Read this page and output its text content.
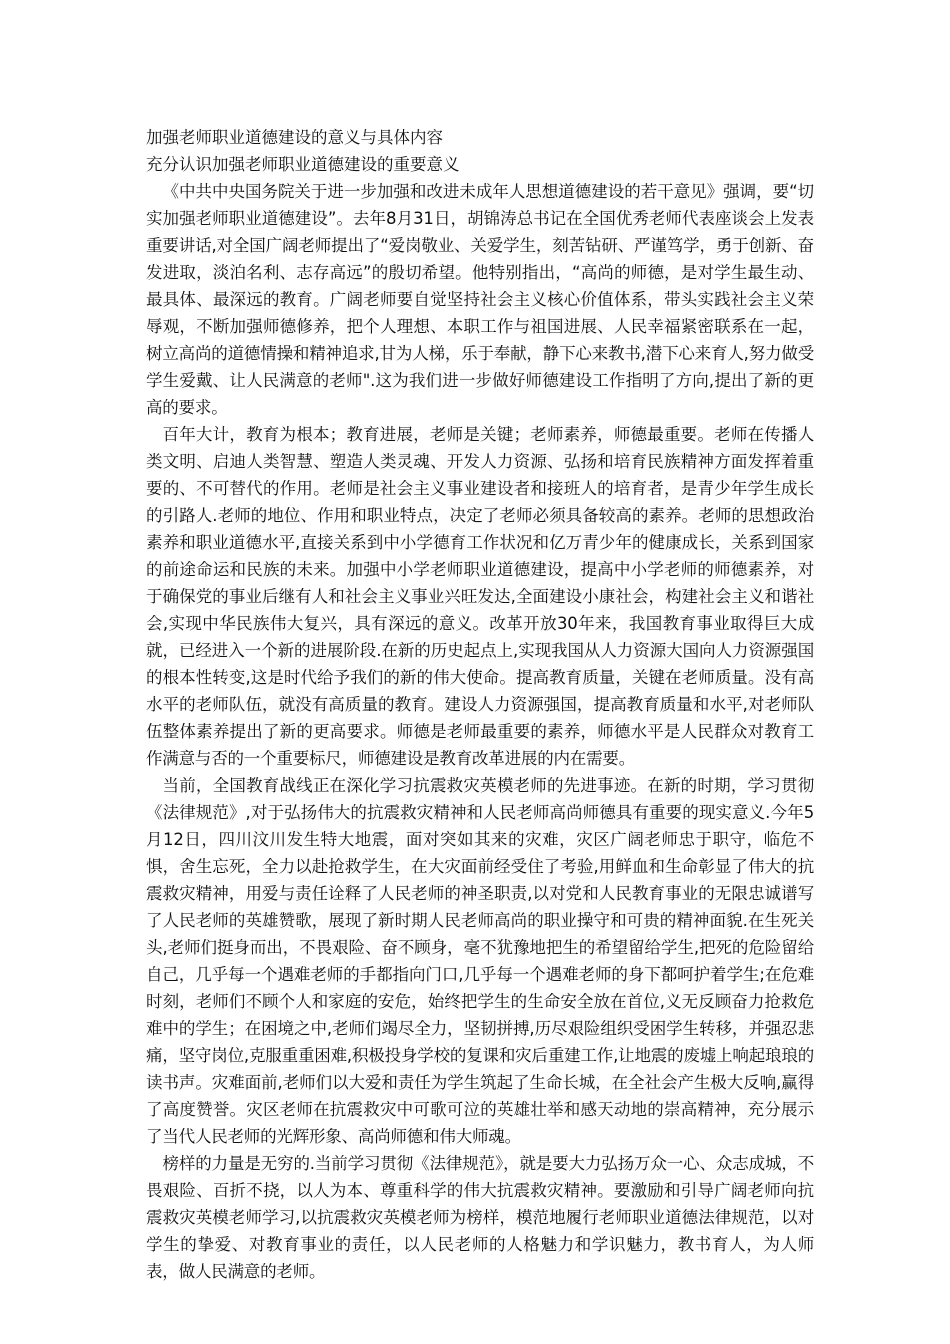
加强老师职业道德建设的意义与具体内容
充分认识加强老师职业道德建设的重要意义

《中共中央国务院关于进一步加强和改进未成年人思想道德建设的若干意见》强调，要“切实加强老师职业道德建设”。去年8月31日，胡锦涛总书记在全国优秀老师代表座谈会上发表重要讲话,对全国广阔老师提出了“爱岗敬业、关爱学生，刻苦钻研、严谨笃学，勇于创新、奋发进取，淡泊名利、志存高远”的殷切希望。他特别指出，“高尚的师德，是对学生最生动、最具体、最深远的教育。广阔老师要自觉坚持社会主义核心价值体系，带头实践社会主义荣辱观，不断加强师德修养，把个人理想、本职工作与祖国进展、人民幸福紧密联系在一起，树立高尚的道德情操和精神追求,甘为人梯，乐于奉献，静下心来教书,潜下心来育人,努力做受学生爱戴、让人民满意的老师".这为我们进一步做好师德建设工作指明了方向,提出了新的更高的要求。

百年大计，教育为根本；教育进展，老师是关键；老师素养，师德最重要。老师在传播人类文明、启迪人类智慧、塑造人类灵魂、开发人力资源、弘扬和培育民族精神方面发挥着重要的、不可替代的作用。老师是社会主义事业建设者和接班人的培育者，是青少年学生成长的引路人.老师的地位、作用和职业特点，决定了老师必须具备较高的素养。老师的思想政治素养和职业道德水平,直接关系到中小学德育工作状况和亿万青少年的健康成长，关系到国家的前途命运和民族的未来。加强中小学老师职业道德建设，提高中小学老师的师德素养，对于确保党的事业后继有人和社会主义事业兴旺发达,全面建设小康社会，构建社会主义和谐社会,实现中华民族伟大复兴，具有深远的意义。改革开放30年来，我国教育事业取得巨大成就，已经进入一个新的进展阶段.在新的历史起点上,实现我国从人力资源大国向人力资源强国的根本性转变,这是时代给予我们的新的伟大使命。提高教育质量，关键在老师质量。没有高水平的老师队伍，就没有高质量的教育。建设人力资源强国，提高教育质量和水平,对老师队伍整体素养提出了新的更高要求。师德是老师最重要的素养，师德水平是人民群众对教育工作满意与否的一个重要标尺，师德建设是教育改革进展的内在需要。

当前，全国教育战线正在深化学习抗震救灾英模老师的先进事迹。在新的时期，学习贯彻《法律规范》,对于弘扬伟大的抗震救灾精神和人民老师高尚师德具有重要的现实意义.今年5月12日，四川汶川发生特大地震，面对突如其来的灾难，灾区广阔老师忠于职守，临危不惧，舍生忘死，全力以赴抢救学生，在大灾面前经受住了考验,用鲜血和生命彰显了伟大的抗震救灾精神，用爱与责任诠释了人民老师的神圣职责,以对党和人民教育事业的无限忠诚谱写了人民老师的英雄赞歌，展现了新时期人民老师高尚的职业操守和可贵的精神面貌.在生死关头,老师们挺身而出，不畏艰险、奋不顾身，毫不犹豫地把生的希望留给学生,把死的危险留给自己，几乎每一个遇难老师的手都指向门口,几乎每一个遇难老师的身下都呵护着学生;在危难时刻，老师们不顾个人和家庭的安危，始终把学生的生命安全放在首位,义无反顾奋力抢救危难中的学生；在困境之中,老师们竭尽全力，坚韧拼搏,历尽艰险组织受困学生转移，并强忍悲痛，坚守岗位,克服重重困难,积极投身学校的复课和灾后重建工作,让地震的废墟上响起琅琅的读书声。灾难面前,老师们以大爱和责任为学生筑起了生命长城，在全社会产生极大反响,赢得了高度赞誉。灾区老师在抗震救灾中可歌可泣的英雄壮举和感天动地的崇高精神，充分展示了当代人民老师的光辉形象、高尚师德和伟大师魂。

榜样的力量是无穷的.当前学习贯彻《法律规范》，就是要大力弘扬万众一心、众志成城，不畏艰险、百折不挠，以人为本、尊重科学的伟大抗震救灾精神。要激励和引导广阔老师向抗震救灾英模老师学习,以抗震救灾英模老师为榜样，模范地履行老师职业道德法律规范，以对学生的挚爱、对教育事业的责任，以人民老师的人格魅力和学识魅力，教书育人，为人师表，做人民满意的老师。
